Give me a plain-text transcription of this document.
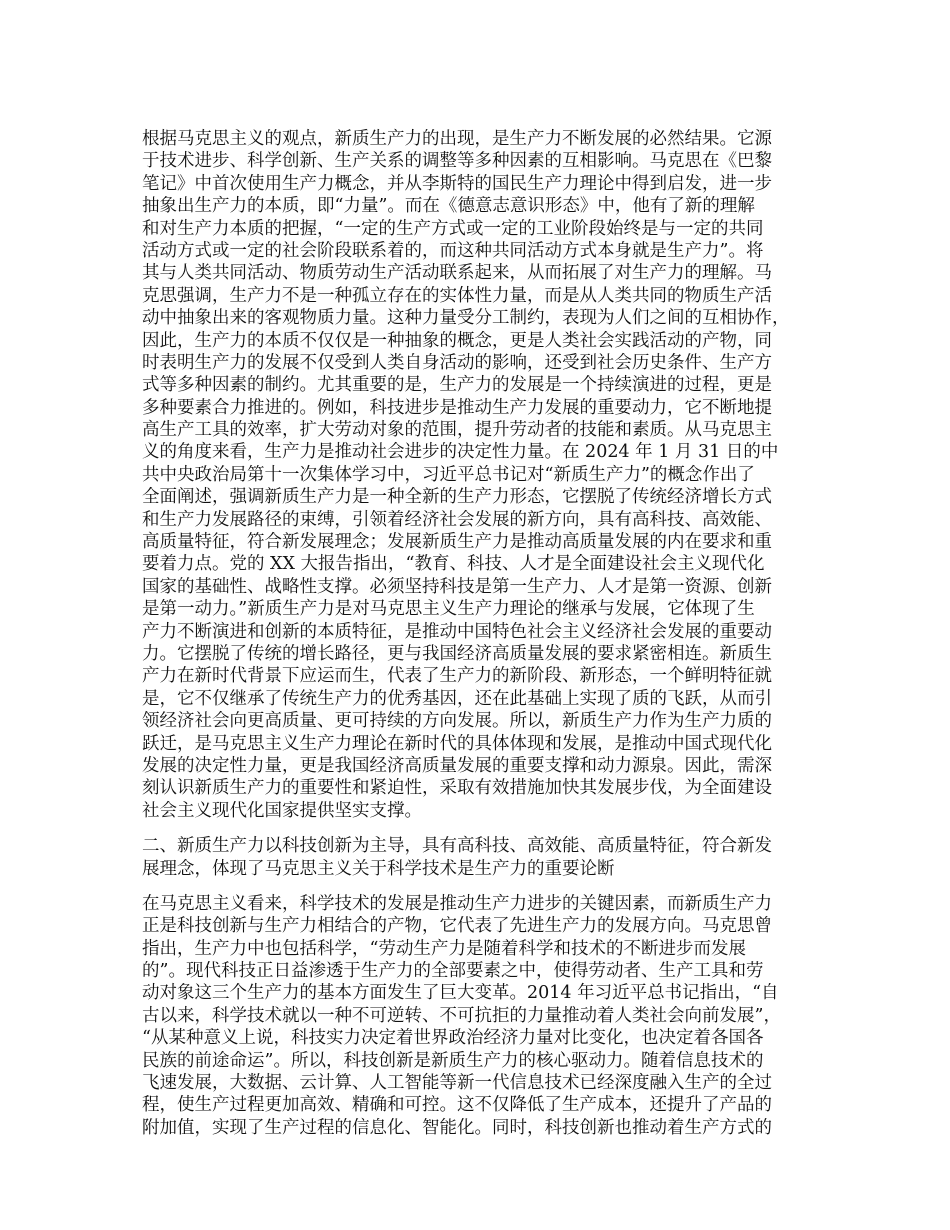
根据马克思主义的观点，新质生产力的出现，是生产力不断发展的必然结果。它源
于技术进步、科学创新、生产关系的调整等多种因素的互相影响。马克思在《巴黎
笔记》中首次使用生产力概念，并从李斯特的国民生产力理论中得到启发，进一步
抽象出生产力的本质，即“力量”。而在《德意志意识形态》中，他有了新的理解
和对生产力本质的把握，“一定的生产方式或一定的工业阶段始终是与一定的共同
活动方式或一定的社会阶段联系着的，而这种共同活动方式本身就是生产力”。将
其与人类共同活动、物质劳动生产活动联系起来，从而拓展了对生产力的理解。马
克思强调，生产力不是一种孤立存在的实体性力量，而是从人类共同的物质生产活
动中抽象出来的客观物质力量。这种力量受分工制约，表现为人们之间的互相协作，
因此，生产力的本质不仅仅是一种抽象的概念，更是人类社会实践活动的产物，同
时表明生产力的发展不仅受到人类自身活动的影响，还受到社会历史条件、生产方
式等多种因素的制约。尤其重要的是，生产力的发展是一个持续演进的过程，更是
多种要素合力推进的。例如，科技进步是推动生产力发展的重要动力，它不断地提
高生产工具的效率，扩大劳动对象的范围，提升劳动者的技能和素质。从马克思主
义的角度来看，生产力是推动社会进步的决定性力量。在 2024 年 1 月 31 日的中
共中央政治局第十一次集体学习中，习近平总书记对“新质生产力”的概念作出了
全面阐述，强调新质生产力是一种全新的生产力形态，它摆脱了传统经济增长方式
和生产力发展路径的束缚，引领着经济社会发展的新方向，具有高科技、高效能、
高质量特征，符合新发展理念；发展新质生产力是推动高质量发展的内在要求和重
要着力点。党的 XX 大报告指出，“教育、科技、人才是全面建设社会主义现代化
国家的基础性、战略性支撑。必须坚持科技是第一生产力、人才是第一资源、创新
是第一动力。”新质生产力是对马克思主义生产力理论的继承与发展，它体现了生
产力不断演进和创新的本质特征，是推动中国特色社会主义经济社会发展的重要动
力。它摆脱了传统的增长路径，更与我国经济高质量发展的要求紧密相连。新质生
产力在新时代背景下应运而生，代表了生产力的新阶段、新形态，一个鲜明特征就
是，它不仅继承了传统生产力的优秀基因，还在此基础上实现了质的飞跃，从而引
领经济社会向更高质量、更可持续的方向发展。所以，新质生产力作为生产力质的
跃迁，是马克思主义生产力理论在新时代的具体体现和发展，是推动中国式现代化
发展的决定性力量，更是我国经济高质量发展的重要支撑和动力源泉。因此，需深
刻认识新质生产力的重要性和紧迫性，采取有效措施加快其发展步伐，为全面建设
社会主义现代化国家提供坚实支撑。
二、新质生产力以科技创新为主导，具有高科技、高效能、高质量特征，符合新发
展理念，体现了马克思主义关于科学技术是生产力的重要论断
在马克思主义看来，科学技术的发展是推动生产力进步的关键因素，而新质生产力
正是科技创新与生产力相结合的产物，它代表了先进生产力的发展方向。马克思曾
指出，生产力中也包括科学，“劳动生产力是随着科学和技术的不断进步而发展
的”。现代科技正日益渗透于生产力的全部要素之中，使得劳动者、生产工具和劳
动对象这三个生产力的基本方面发生了巨大变革。2014 年习近平总书记指出，“自
古以来，科学技术就以一种不可逆转、不可抗拒的力量推动着人类社会向前发展”，
“从某种意义上说，科技实力决定着世界政治经济力量对比变化，也决定着各国各
民族的前途命运”。所以，科技创新是新质生产力的核心驱动力。随着信息技术的
飞速发展，大数据、云计算、人工智能等新一代信息技术已经深度融入生产的全过
程，使生产过程更加高效、精确和可控。这不仅降低了生产成本，还提升了产品的
附加值，实现了生产过程的信息化、智能化。同时，科技创新也推动着生产方式的
